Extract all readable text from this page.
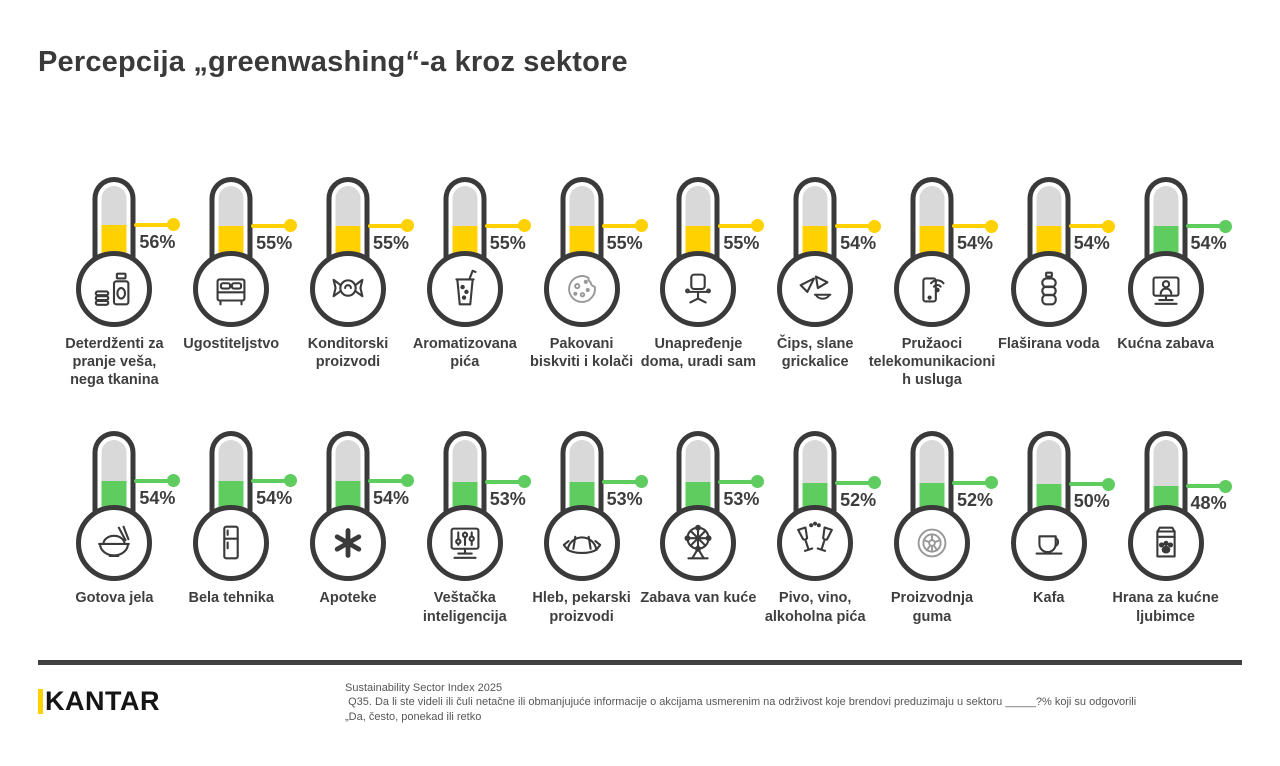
Percepcija „greenwashing“-a kroz sektore
56%
Deterdženti za pranje veša, nega tkanina
55%
Ugostiteljstvo
55%
Konditorski proizvodi
55%
Aromatizovana pića
55%
Pakovani biskviti i kolači
55%
Unapređenje doma, uradi sam
54%
Čips, slane grickalice
54%
Pružaoci telekomunikacionih usluga
54%
Flaširana voda
54%
Kućna zabava
54%
Gotova jela
54%
Bela tehnika
54%
Apoteke
53%
Veštačka inteligencija
53%
Hleb, pekarski proizvodi
53%
Zabava van kuće
52%
Pivo, vino, alkoholna pića
52%
Proizvodnja guma
50%
Kafa
48%
Hrana za kućne ljubimce
KANTAR	Sustainability Sector Index 2025
Q35. Da li ste videli ili čuli netačne ili obmanjujuće informacije o akcijama usmerenim na održivost koje brendovi preduzimaju u sektoru _____?% koji su odgovorili
„Da, često, ponekad ili retko
